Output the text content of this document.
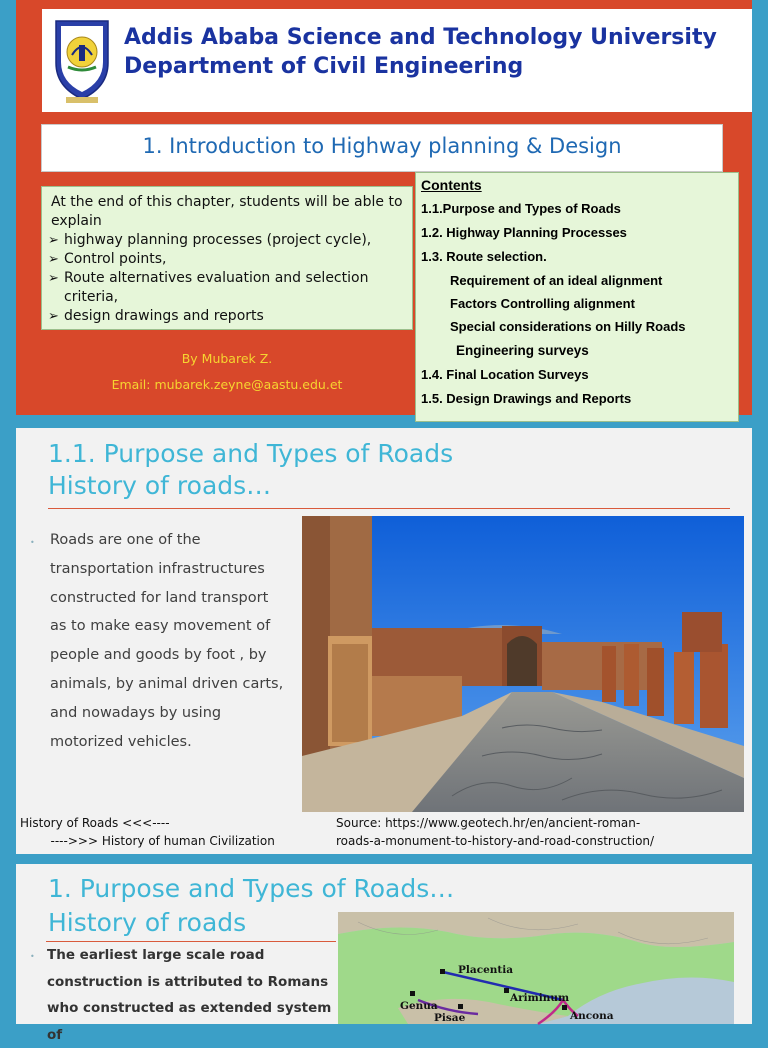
Addis Ababa Science and Technology University
Department of Civil Engineering
1. Introduction to Highway planning & Design
At the end of this chapter, students will be able to explain
➢ highway planning processes (project cycle),
➢ Control points,
➢ Route alternatives evaluation and selection criteria,
➢ design drawings and reports
By Mubarek Z.
Email: mubarek.zeyne@aastu.edu.et
Contents
1.1.Purpose and Types of Roads
1.2. Highway Planning Processes
1.3. Route selection.
Requirement of an ideal alignment
Factors Controlling alignment
Special considerations on Hilly Roads
Engineering surveys
1.4. Final Location Surveys
1.5. Design Drawings and Reports
1.1. Purpose and Types of Roads
History of roads…
• Roads are one of the transportation infrastructures constructed for land transport as to make easy movement of people and goods by foot , by animals, by animal driven carts, and nowadays by using motorized vehicles.
History of Roads <<<----
---->>> History of human Civilization
Source: https://www.geotech.hr/en/ancient-roman-
roads-a-monument-to-history-and-road-construction/
1. Purpose and Types of Roads…
History of roads
• The earliest large scale road construction is attributed to Romans who constructed as extended system of
Placentia
Genua
Ariminum
Pisae	Ancona
